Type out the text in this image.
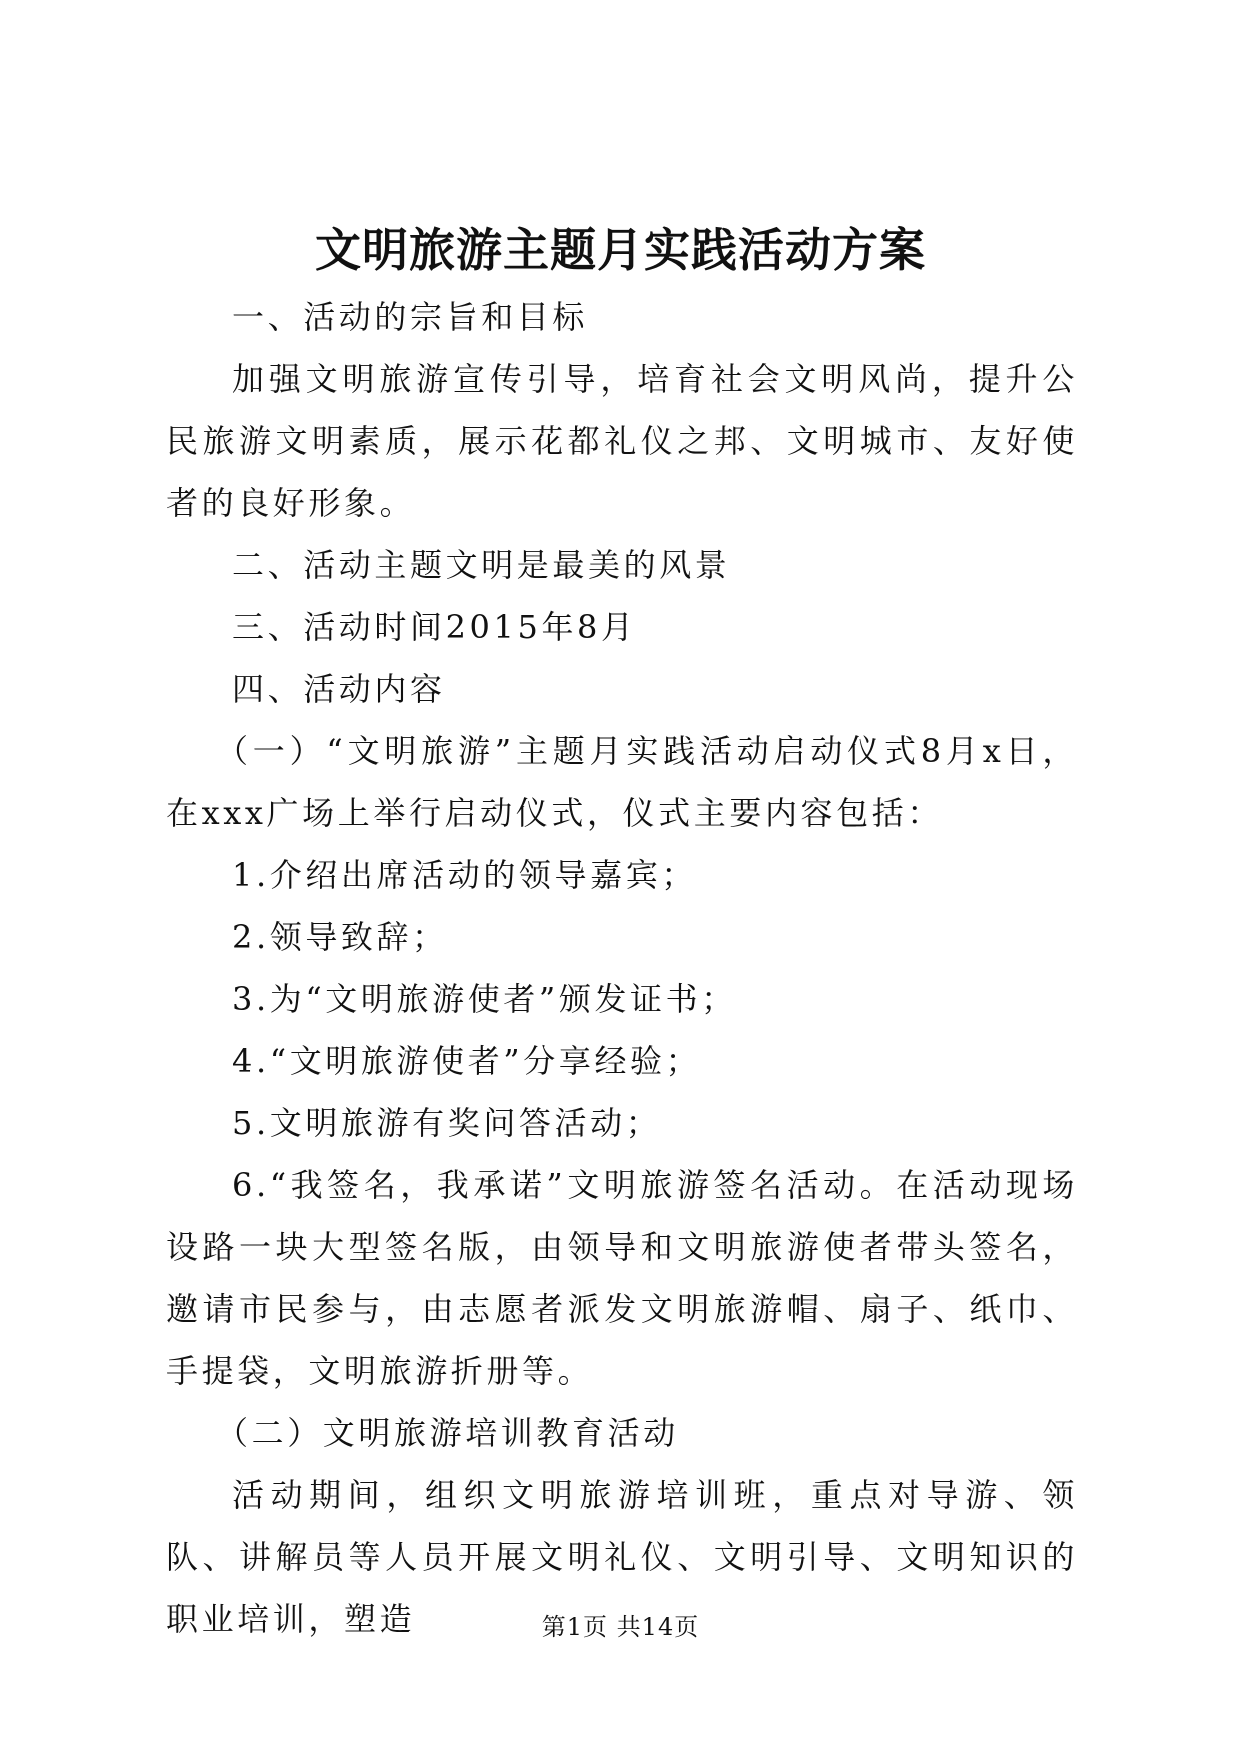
文明旅游主题月实践活动方案

一、活动的宗旨和目标

加强文明旅游宣传引导，培育社会文明风尚，提升公民旅游文明素质，展示花都礼仪之邦、文明城市、友好使者的良好形象。

二、活动主题文明是最美的风景

三、活动时间2015年8月

四、活动内容

（一）“文明旅游”主题月实践活动启动仪式8月x日，在xxx广场上举行启动仪式，仪式主要内容包括：

1.介绍出席活动的领导嘉宾；

2.领导致辞；

3.为“文明旅游使者”颁发证书；

4.“文明旅游使者”分享经验；

5.文明旅游有奖问答活动；

6.“我签名，我承诺”文明旅游签名活动。在活动现场设路一块大型签名版，由领导和文明旅游使者带头签名，邀请市民参与，由志愿者派发文明旅游帽、扇子、纸巾、手提袋，文明旅游折册等。

（二）文明旅游培训教育活动

活动期间，组织文明旅游培训班，重点对导游、领队、讲解员等人员开展文明礼仪、文明引导、文明知识的职业培训，塑造	第1页 共14页
